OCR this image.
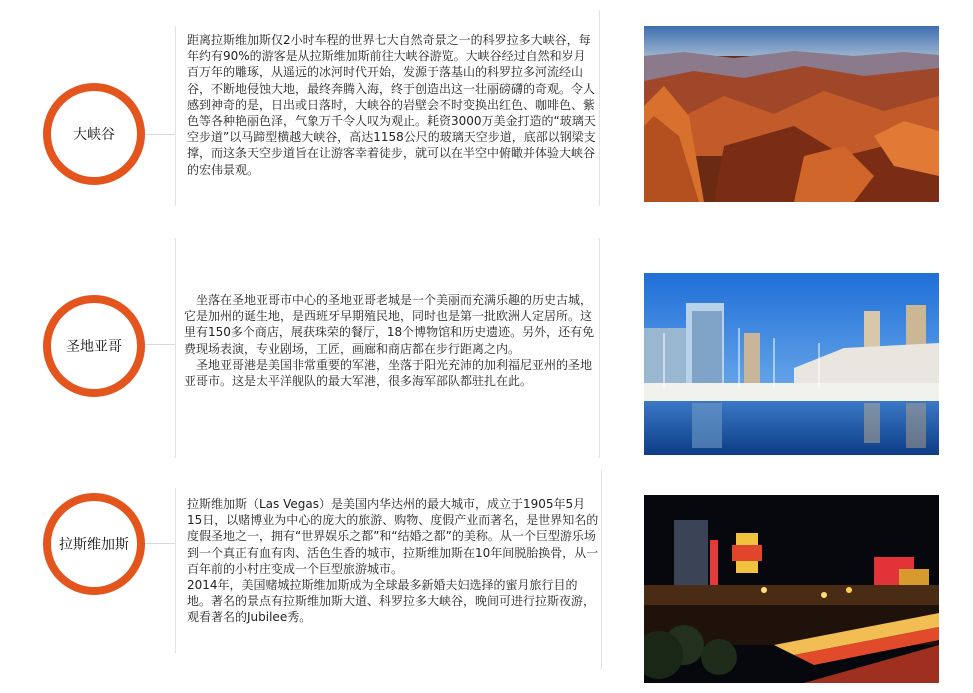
大峡谷

距离拉斯维加斯仅2小时车程的世界七大自然奇景之一的科罗拉多大峡谷，每年约有90%的游客是从拉斯维加斯前往大峡谷游览。大峡谷经过自然和岁月百万年的雕琢，从遥远的冰河时代开始，发源于落基山的科罗拉多河流经山谷，不断地侵蚀大地，最终奔腾入海，终于创造出这一壮丽磅礴的奇观。令人感到神奇的是，日出或日落时，大峡谷的岩壁会不时变换出红色、咖啡色、紫色等各种艳丽色泽，气象万千令人叹为观止。耗资3000万美金打造的“玻璃天空步道”以马蹄型横越大峡谷，高达1158公尺的玻璃天空步道，底部以钢梁支撑，而这条天空步道旨在让游客幸着徒步，就可以在半空中俯瞰并体验大峡谷的宏伟景观。

圣地亚哥

　坐落在圣地亚哥市中心的圣地亚哥老城是一个美丽而充满乐趣的历史古城，它是加州的诞生地，是西班牙早期殖民地，同时也是第一批欧洲人定居所。这里有150多个商店，展获珠荣的餐厅，18个博物馆和历史遗迹。另外，还有免费现场表演，专业剧场，工匠，画廊和商店都在步行距离之内。

　圣地亚哥港是美国非常重要的军港，坐落于阳光充沛的加利福尼亚州的圣地亚哥市。这是太平洋舰队的最大军港，很多海军部队都驻扎在此。

拉斯维加斯

拉斯维加斯（Las Vegas）是美国内华达州的最大城市，成立于1905年5月15日，以赌博业为中心的庞大的旅游、购物、度假产业而著名，是世界知名的度假圣地之一，拥有“世界娱乐之都”和“结婚之都”的美称。从一个巨型游乐场到一个真正有血有肉、活色生香的城市，拉斯维加斯在10年间脱胎换骨，从一百年前的小村庄变成一个巨型旅游城市。

2014年，美国赌城拉斯维加斯成为全球最多新婚夫妇选择的蜜月旅行目的地。著名的景点有拉斯维加斯大道、科罗拉多大峡谷，晚间可进行拉斯夜游，观看著名的Jubilee秀。
